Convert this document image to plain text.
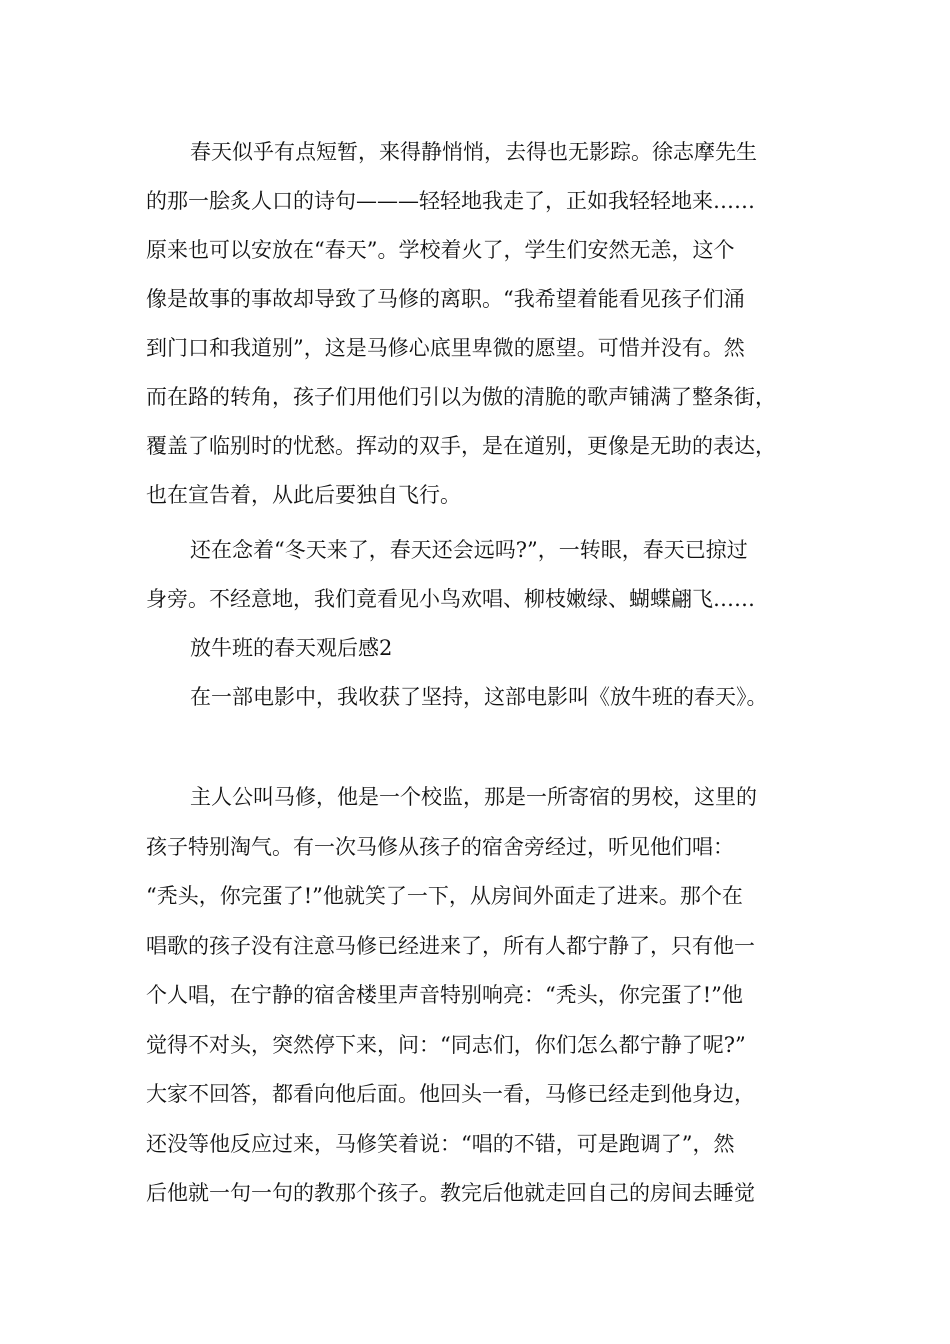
春天似乎有点短暂，来得静悄悄，去得也无影踪。徐志摩先生
的那一脍炙人口的诗句———轻轻地我走了，正如我轻轻地来……
原来也可以安放在“春天”。学校着火了，学生们安然无恙，这个
像是故事的事故却导致了马修的离职。“我希望着能看见孩子们涌
到门口和我道别”，这是马修心底里卑微的愿望。可惜并没有。然
而在路的转角，孩子们用他们引以为傲的清脆的歌声铺满了整条街，
覆盖了临别时的忧愁。挥动的双手，是在道别，更像是无助的表达，
也在宣告着，从此后要独自飞行。
还在念着“冬天来了，春天还会远吗?”，一转眼，春天已掠过
身旁。不经意地，我们竟看见小鸟欢唱、柳枝嫩绿、蝴蝶翩飞……
放牛班的春天观后感2
在一部电影中，我收获了坚持，这部电影叫《放牛班的春天》。
主人公叫马修，他是一个校监，那是一所寄宿的男校，这里的
孩子特别淘气。有一次马修从孩子的宿舍旁经过，听见他们唱：
“秃头，你完蛋了!”他就笑了一下，从房间外面走了进来。那个在
唱歌的孩子没有注意马修已经进来了，所有人都宁静了，只有他一
个人唱，在宁静的宿舍楼里声音特别响亮：“秃头，你完蛋了!”他
觉得不对头，突然停下来，问：“同志们，你们怎么都宁静了呢?”
大家不回答，都看向他后面。他回头一看，马修已经走到他身边，
还没等他反应过来，马修笑着说：“唱的不错，可是跑调了”，然
后他就一句一句的教那个孩子。教完后他就走回自己的房间去睡觉
